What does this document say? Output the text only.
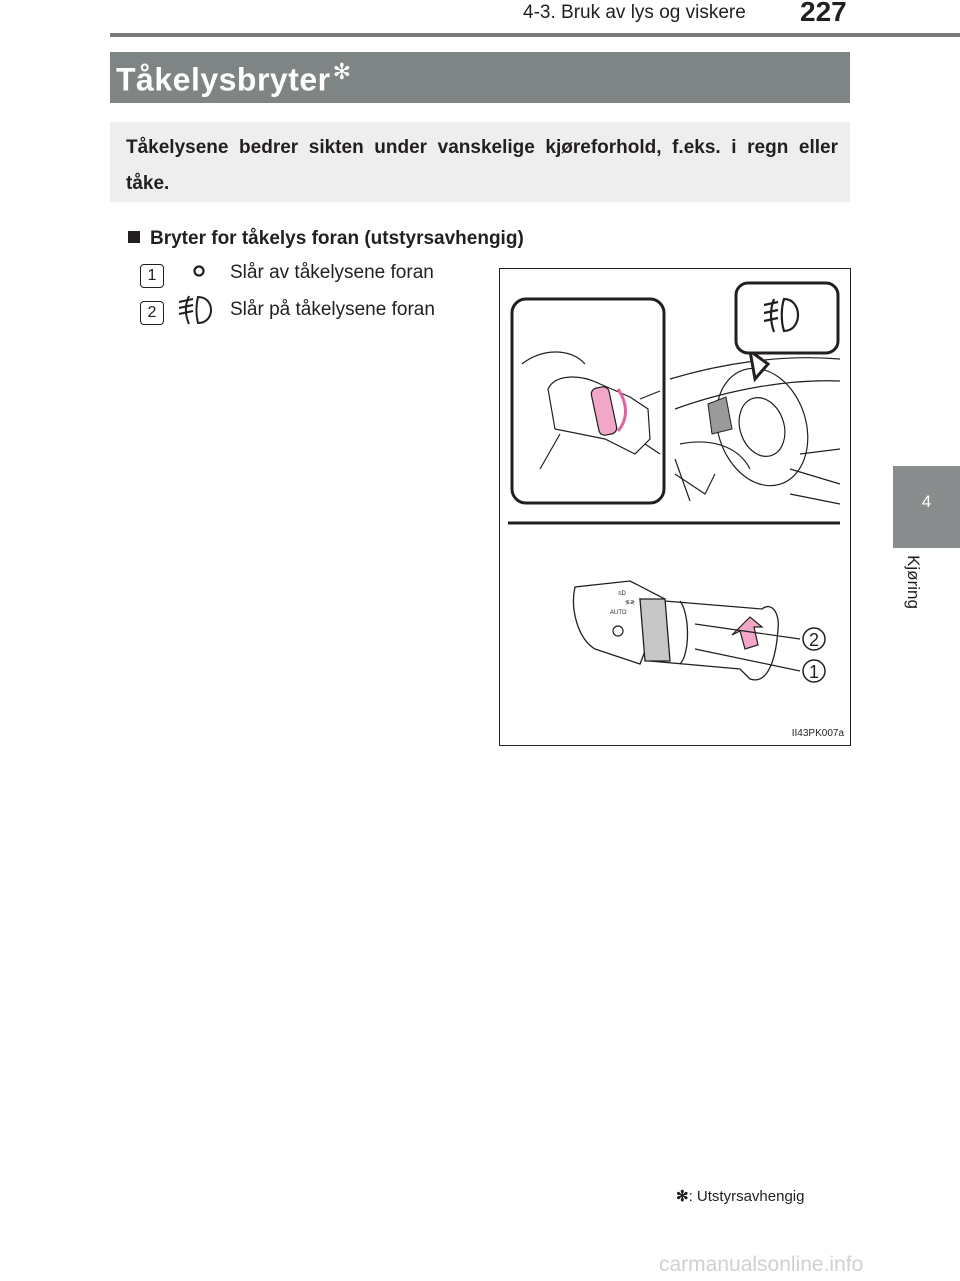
4-3. Bruk av lys og viskere 227
4
Kjøring
Tåkelysbryter✻

Tåkelysene bedrer sikten under vanskelige kjøreforhold, f.eks. i regn eller tåke.

Bryter for tåkelys foran (utstyrsavhengig)
1	Slår av tåkelysene foran
2	Slår på tåkelysene foran
AUTO
≡D
≶≷
2
1
II43PK007a
✻: Utstyrsavhengig
carmanualsonline.info
